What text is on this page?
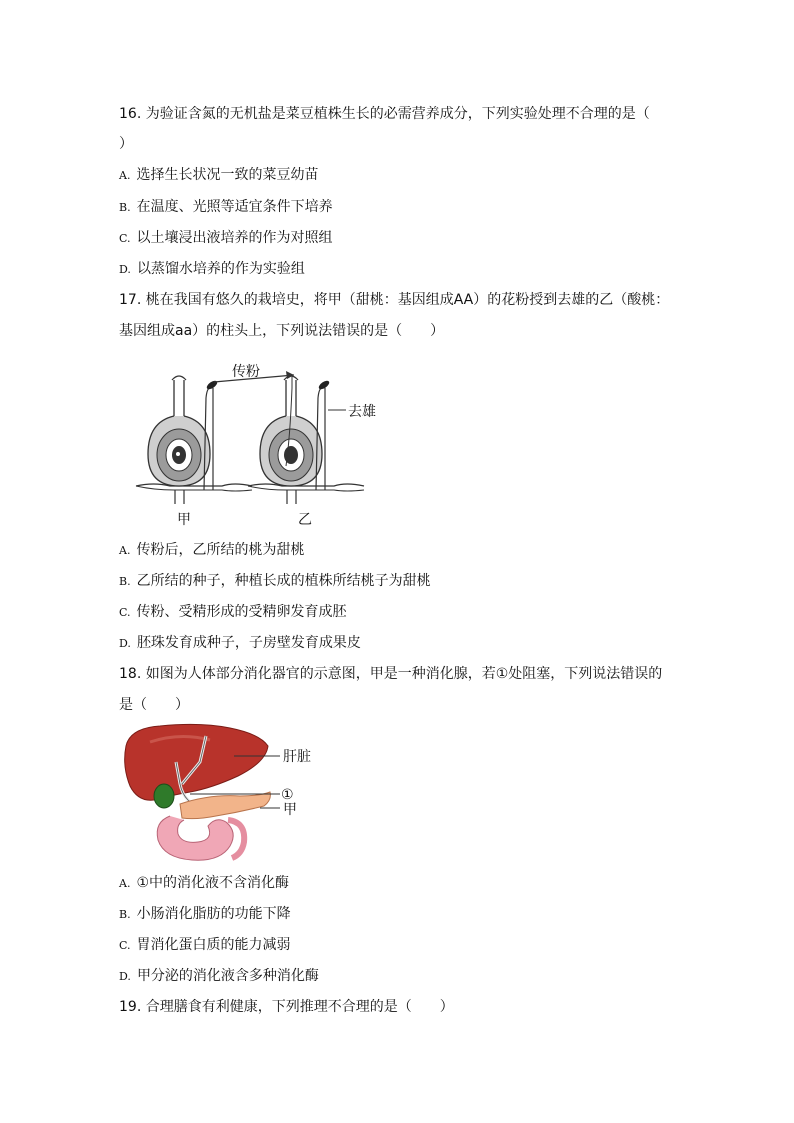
16. 为验证含氮的无机盐是菜豆植株生长的必需营养成分，下列实验处理不合理的是（
）
A. 选择生长状况一致的菜豆幼苗
B. 在温度、光照等适宜条件下培养
C. 以土壤浸出液培养的作为对照组
D. 以蒸馏水培养的作为实验组
17. 桃在我国有悠久的栽培史，将甲（甜桃：基因组成AA）的花粉授到去雄的乙（酸桃：
基因组成aa）的柱头上，下列说法错误的是（　　）
传粉
去雄
甲	乙
A. 传粉后，乙所结的桃为甜桃
B. 乙所结的种子，种植长成的植株所结桃子为甜桃
C. 传粉、受精形成的受精卵发育成胚
D. 胚珠发育成种子，子房壁发育成果皮
18. 如图为人体部分消化器官的示意图，甲是一种消化腺，若①处阻塞，下列说法错误的
是（　　）
肝脏
①
甲
A. ①中的消化液不含消化酶
B. 小肠消化脂肪的功能下降
C. 胃消化蛋白质的能力减弱
D. 甲分泌的消化液含多种消化酶
19. 合理膳食有利健康，下列推理不合理的是（　　）
